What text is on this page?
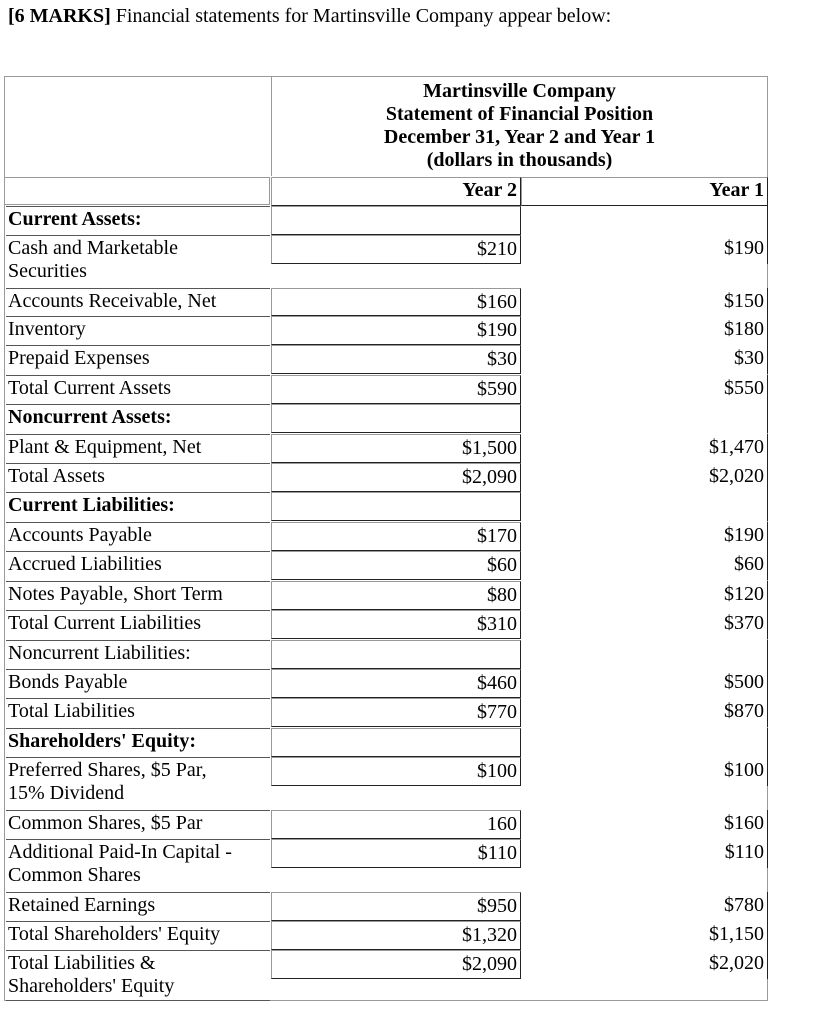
[6 MARKS] Financial statements for Martinsville Company appear below:
Martinsville Company
Statement of Financial Position
December 31, Year 2 and Year 1
(dollars in thousands)
Year 2	Year 1
Current Assets:
Cash and Marketable
Securities
$210	$190
Accounts Receivable, Net	$160	$150
Inventory	$190	$180
Prepaid Expenses	$30	$30
Total Current Assets	$590	$550
Noncurrent Assets:
Plant & Equipment, Net	$1,500	$1,470
Total Assets	$2,090	$2,020
Current Liabilities:
Accounts Payable	$170	$190
Accrued Liabilities	$60	$60
Notes Payable, Short Term	$80	$120
Total Current Liabilities	$310	$370
Noncurrent Liabilities:
Bonds Payable	$460	$500
Total Liabilities	$770	$870
Shareholders' Equity:
Preferred Shares, $5 Par,
15% Dividend
$100	$100
Common Shares, $5 Par	160	$160
Additional Paid-In Capital -
Common Shares
$110	$110
Retained Earnings	$950	$780
Total Shareholders' Equity	$1,320	$1,150
Total Liabilities &
Shareholders' Equity
$2,090	$2,020
